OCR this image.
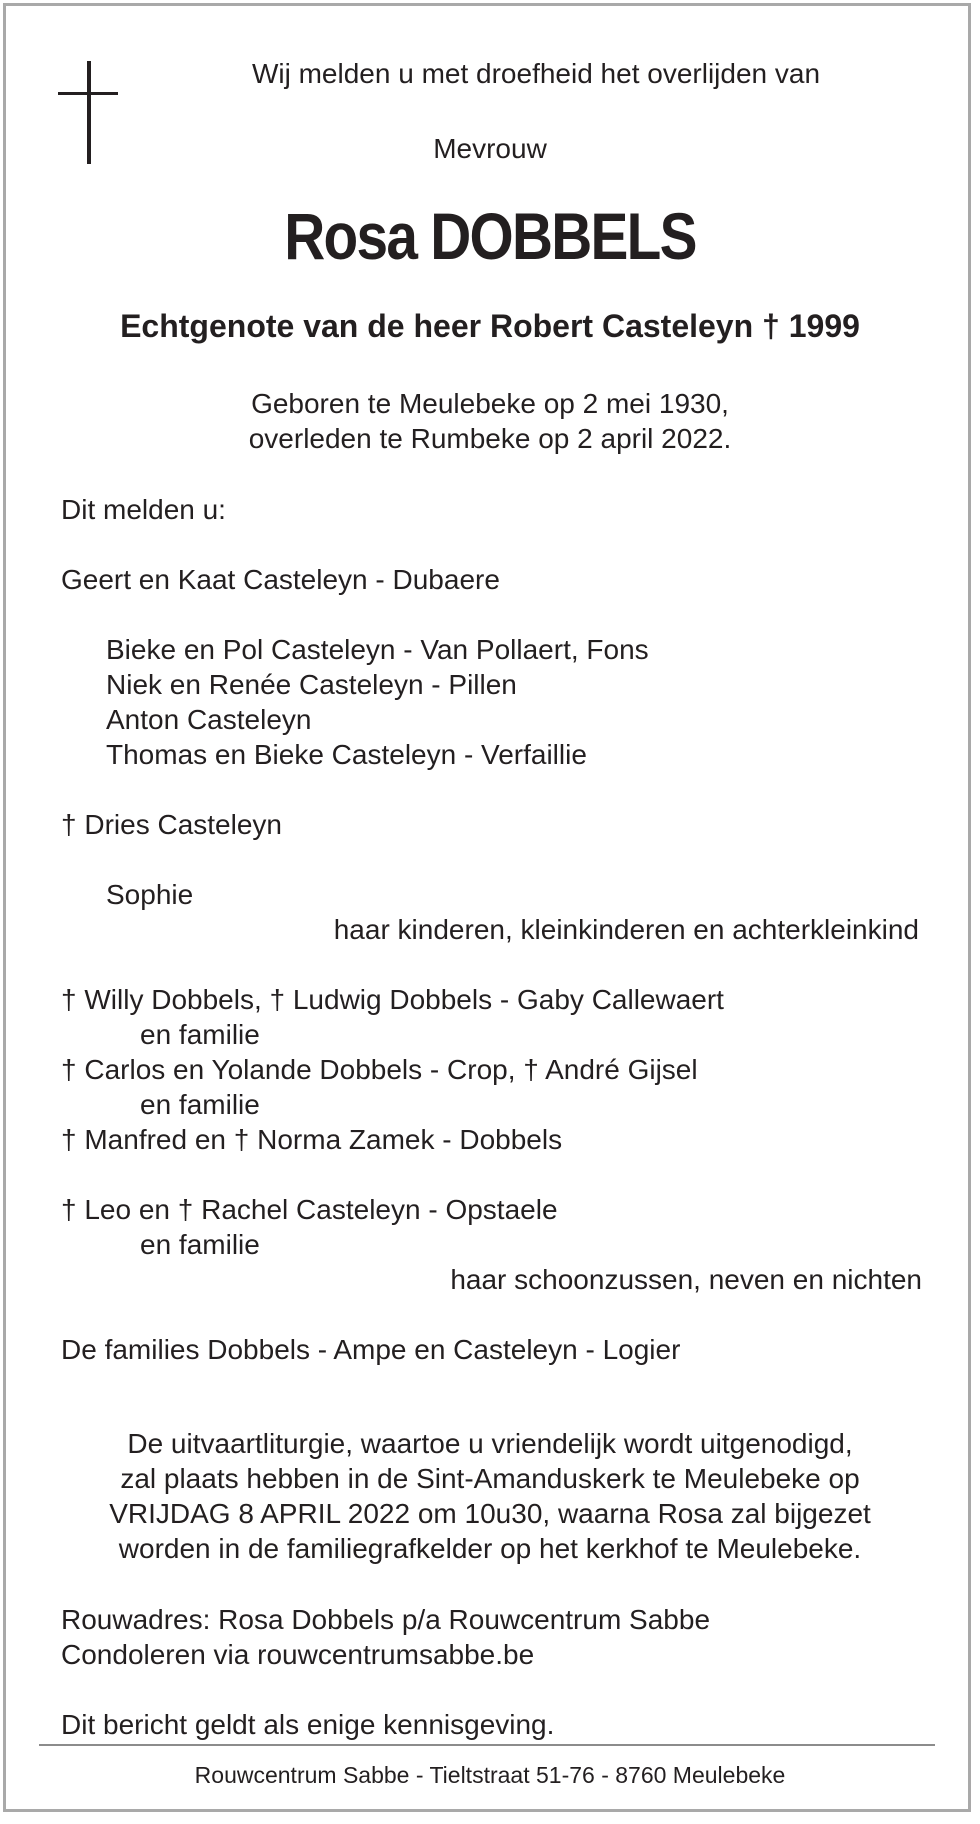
Wij melden u met droefheid het overlijden van
Mevrouw
Rosa DOBBELS
Echtgenote van de heer Robert Casteleyn † 1999
Geboren te Meulebeke op 2 mei 1930,
overleden te Rumbeke op 2 april 2022.
Dit melden u:
Geert en Kaat Casteleyn - Dubaere
Bieke en Pol Casteleyn - Van Pollaert, Fons
Niek en Renée Casteleyn - Pillen
Anton Casteleyn
Thomas en Bieke Casteleyn - Verfaillie
† Dries Casteleyn
Sophie
haar kinderen, kleinkinderen en achterkleinkind
† Willy Dobbels, † Ludwig Dobbels - Gaby Callewaert
en familie
† Carlos en Yolande Dobbels - Crop, † André Gijsel
en familie
† Manfred en † Norma Zamek - Dobbels
† Leo en † Rachel Casteleyn - Opstaele
en familie
haar schoonzussen, neven en nichten
De families Dobbels - Ampe en Casteleyn - Logier
De uitvaartliturgie, waartoe u vriendelijk wordt uitgenodigd,
zal plaats hebben in de Sint-Amanduskerk te Meulebeke op
VRIJDAG 8 APRIL 2022 om 10u30, waarna Rosa zal bijgezet
worden in de familiegrafkelder op het kerkhof te Meulebeke.
Rouwadres: Rosa Dobbels p/a Rouwcentrum Sabbe
Condoleren via rouwcentrumsabbe.be
Dit bericht geldt als enige kennisgeving.
Rouwcentrum Sabbe - Tieltstraat 51-76 - 8760 Meulebeke
